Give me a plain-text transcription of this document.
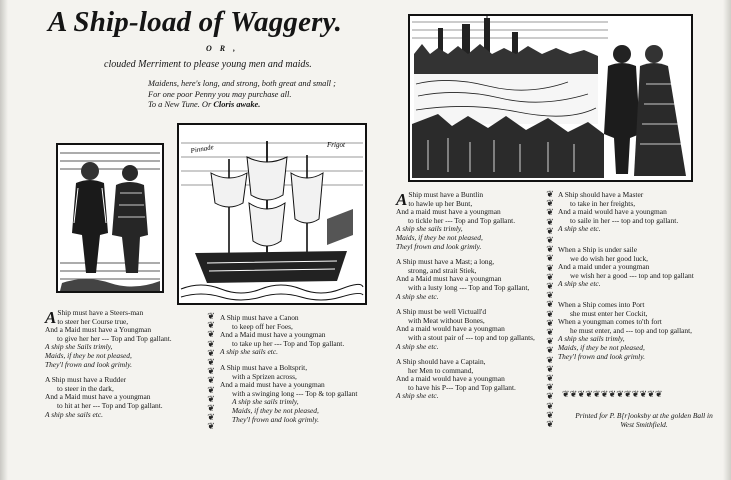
A Ship-load of Waggery.
O R ,
clouded Merriment to please young men and maids.
Maidens, here's long, and strong, both great and small ;
For one poor Penny you may purchase all.
To a New Tune. Or Cloris awake.
Pinnade	Frigot
A Ship must have a Steers-man
to steer her Course true,
And a Maid must have a Youngman
to give her her --- Top and Top gallant.
A ship she Sails trimly,
Maids, if they be not pleased,
They'l frown and look grimly.
A Ship must have a Rudder
to steer in the dark,
And a Maid must have a youngman
to hit at her --- Top and Top gallant.
A ship she sails etc.
A Ship must have a Canon
to keep off her Foes,
And a Maid must have a youngman
to take up her --- Top and Top gallant.
A ship she sails etc.
A Ship must have a Boltsprit,
with a Sprizen across,
And a maid must have a youngman
with a swinging long --- Top & top gallant
A ship she sails trimly,
Maids, if they be not pleased,
They'l frown and look grimly.
A Ship must have a Buntlin
to hawle up her Bunt,
And a maid must have a youngman
to tickle her --- Top and Top gallant.
A ship she sails trimly,
Maids, if they be not pleased,
Theyl frown and look grimly.
A Ship must have a Mast; a long,
strong, and strait Stiek,
And a Maid must have a youngman
with a lusty long --- Top and Top gallant,
A ship she etc.
A Ship must be well Victuall'd
with Meat without Bones,
And a maid would have a youngman
with a stout pair of --- top and top gallants,
A ship she etc.
A Ship should have a Captain,
her Men to command,
And a maid would have a youngman
to have his P--- Top and Top gallant.
A ship she etc.
A Ship should have a Master
to take in her freights,
And a maid would have a youngman
to saile in her --- top and top gallant.
A ship she etc.
When a Ship is under saile
we do wish her good luck,
And a maid under a youngman
we wish her a good --- top and top gallant
A ship she etc.
When a Ship comes into Port
she must enter her Cockit,
When a youngman comes to'th fort
he must enter, and --- top and top gallant,
A ship she sails trimly,
Maids, if they be not pleased,
They'l frown and look grimly.
❦
❦
❦
❦
❦
❦
❦
❦
❦
❦
❦
❦
❦
❦
❦
❦
❦
❦
❦
❦
❦
❦
❦
❦
❦
❦
❦
❦
❦
❦
❦
❦
❦
❦
❦
❦
❦
❦
❦
❦❦❦❦❦❦❦❦❦❦❦❦❦
Printed for P. B[r]ooksby at the golden Ball in West Smithfield.
